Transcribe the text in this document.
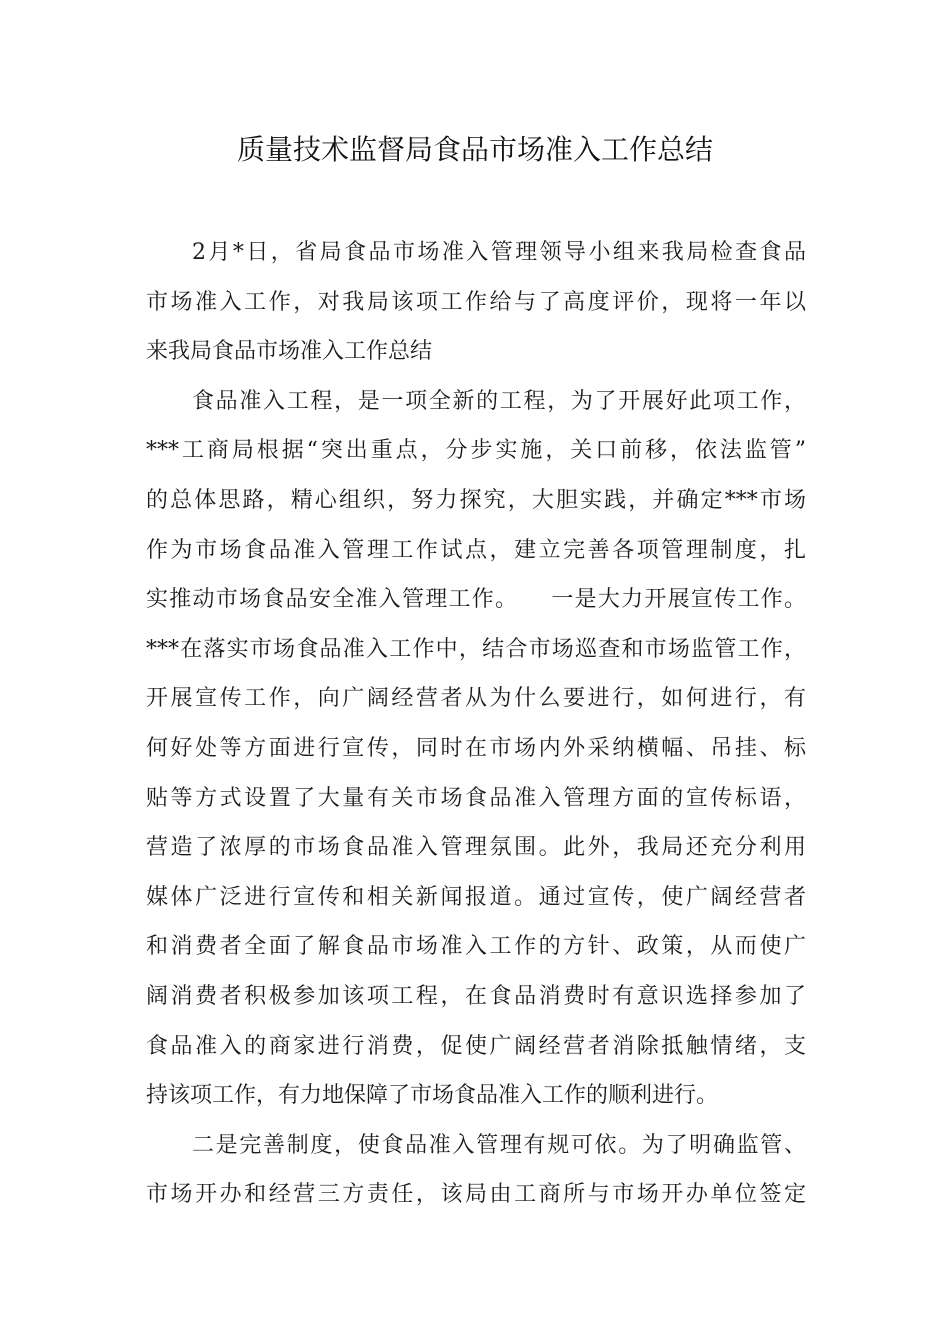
质量技术监督局食品市场准入工作总结
2月*日，省局食品市场准入管理领导小组来我局检查食品
市场准入工作，对我局该项工作给与了高度评价，现将一年以
来我局食品市场准入工作总结
食品准入工程，是一项全新的工程，为了开展好此项工作，
***工商局根据“突出重点，分步实施，关口前移，依法监管”
的总体思路，精心组织，努力探究，大胆实践，并确定***市场
作为市场食品准入管理工作试点，建立完善各项管理制度，扎
实推动市场食品安全准入管理工作。    一是大力开展宣传工作。
***在落实市场食品准入工作中，结合市场巡查和市场监管工作，
开展宣传工作，向广阔经营者从为什么要进行，如何进行，有
何好处等方面进行宣传，同时在市场内外采纳横幅、吊挂、标
贴等方式设置了大量有关市场食品准入管理方面的宣传标语，
营造了浓厚的市场食品准入管理氛围。此外，我局还充分利用
媒体广泛进行宣传和相关新闻报道。通过宣传，使广阔经营者
和消费者全面了解食品市场准入工作的方针、政策，从而使广
阔消费者积极参加该项工程，在食品消费时有意识选择参加了
食品准入的商家进行消费，促使广阔经营者消除抵触情绪，支
持该项工作，有力地保障了市场食品准入工作的顺利进行。
二是完善制度，使食品准入管理有规可依。为了明确监管、
市场开办和经营三方责任，该局由工商所与市场开办单位签定
